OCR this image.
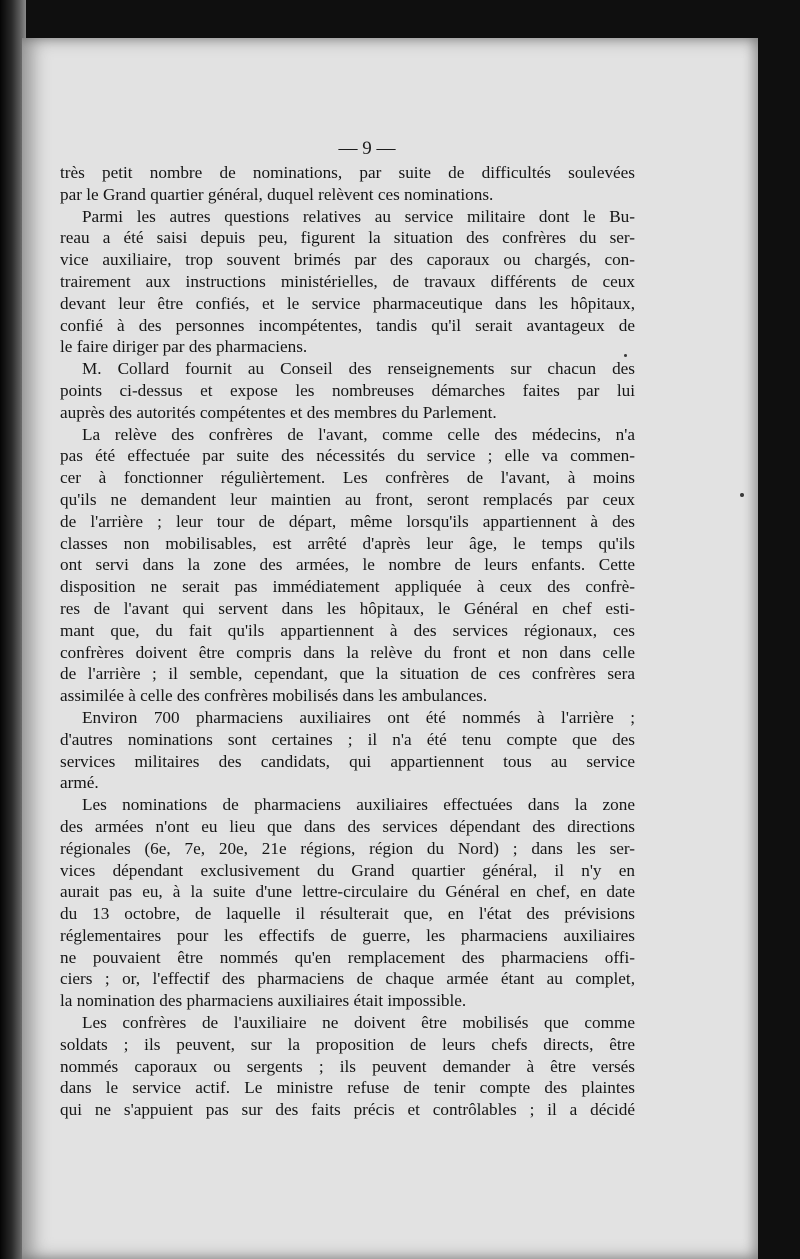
— 9 —

très petit nombre de nominations, par suite de difficultés soulevées
par le Grand quartier général, duquel relèvent ces nominations.

Parmi les autres questions relatives au service militaire dont le Bu-
reau a été saisi depuis peu, figurent la situation des confrères du ser-
vice auxiliaire, trop souvent brimés par des caporaux ou chargés, con-
trairement aux instructions ministérielles, de travaux différents de ceux
devant leur être confiés, et le service pharmaceutique dans les hôpitaux,
confié à des personnes incompétentes, tandis qu'il serait avantageux de
le faire diriger par des pharmaciens.

M. Collard fournit au Conseil des renseignements sur chacun des
points ci-dessus et expose les nombreuses démarches faites par lui
auprès des autorités compétentes et des membres du Parlement.

La relève des confrères de l'avant, comme celle des médecins, n'a
pas été effectuée par suite des nécessités du service ; elle va commen-
cer à fonctionner régulièrtement. Les confrères de l'avant, à moins
qu'ils ne demandent leur maintien au front, seront remplacés par ceux
de l'arrière ; leur tour de départ, même lorsqu'ils appartiennent à des
classes non mobilisables, est arrêté d'après leur âge, le temps qu'ils
ont servi dans la zone des armées, le nombre de leurs enfants. Cette
disposition ne serait pas immédiatement appliquée à ceux des confrè-
res de l'avant qui servent dans les hôpitaux, le Général en chef esti-
mant que, du fait qu'ils appartiennent à des services régionaux, ces
confrères doivent être compris dans la relève du front et non dans celle
de l'arrière ; il semble, cependant, que la situation de ces confrères sera
assimilée à celle des confrères mobilisés dans les ambulances.

Environ 700 pharmaciens auxiliaires ont été nommés à l'arrière ;
d'autres nominations sont certaines ; il n'a été tenu compte que des
services militaires des candidats, qui appartiennent tous au service
armé.

Les nominations de pharmaciens auxiliaires effectuées dans la zone
des armées n'ont eu lieu que dans des services dépendant des directions
régionales (6e, 7e, 20e, 21e régions, région du Nord) ; dans les ser-
vices dépendant exclusivement du Grand quartier général, il n'y en
aurait pas eu, à la suite d'une lettre-circulaire du Général en chef, en date
du 13 octobre, de laquelle il résulterait que, en l'état des prévisions
réglementaires pour les effectifs de guerre, les pharmaciens auxiliaires
ne pouvaient être nommés qu'en remplacement des pharmaciens offi-
ciers ; or, l'effectif des pharmaciens de chaque armée étant au complet,
la nomination des pharmaciens auxiliaires était impossible.

Les confrères de l'auxiliaire ne doivent être mobilisés que comme
soldats ; ils peuvent, sur la proposition de leurs chefs directs, être
nommés caporaux ou sergents ; ils peuvent demander à être versés
dans le service actif. Le ministre refuse de tenir compte des plaintes
qui ne s'appuient pas sur des faits précis et contrôlables ; il a décidé
